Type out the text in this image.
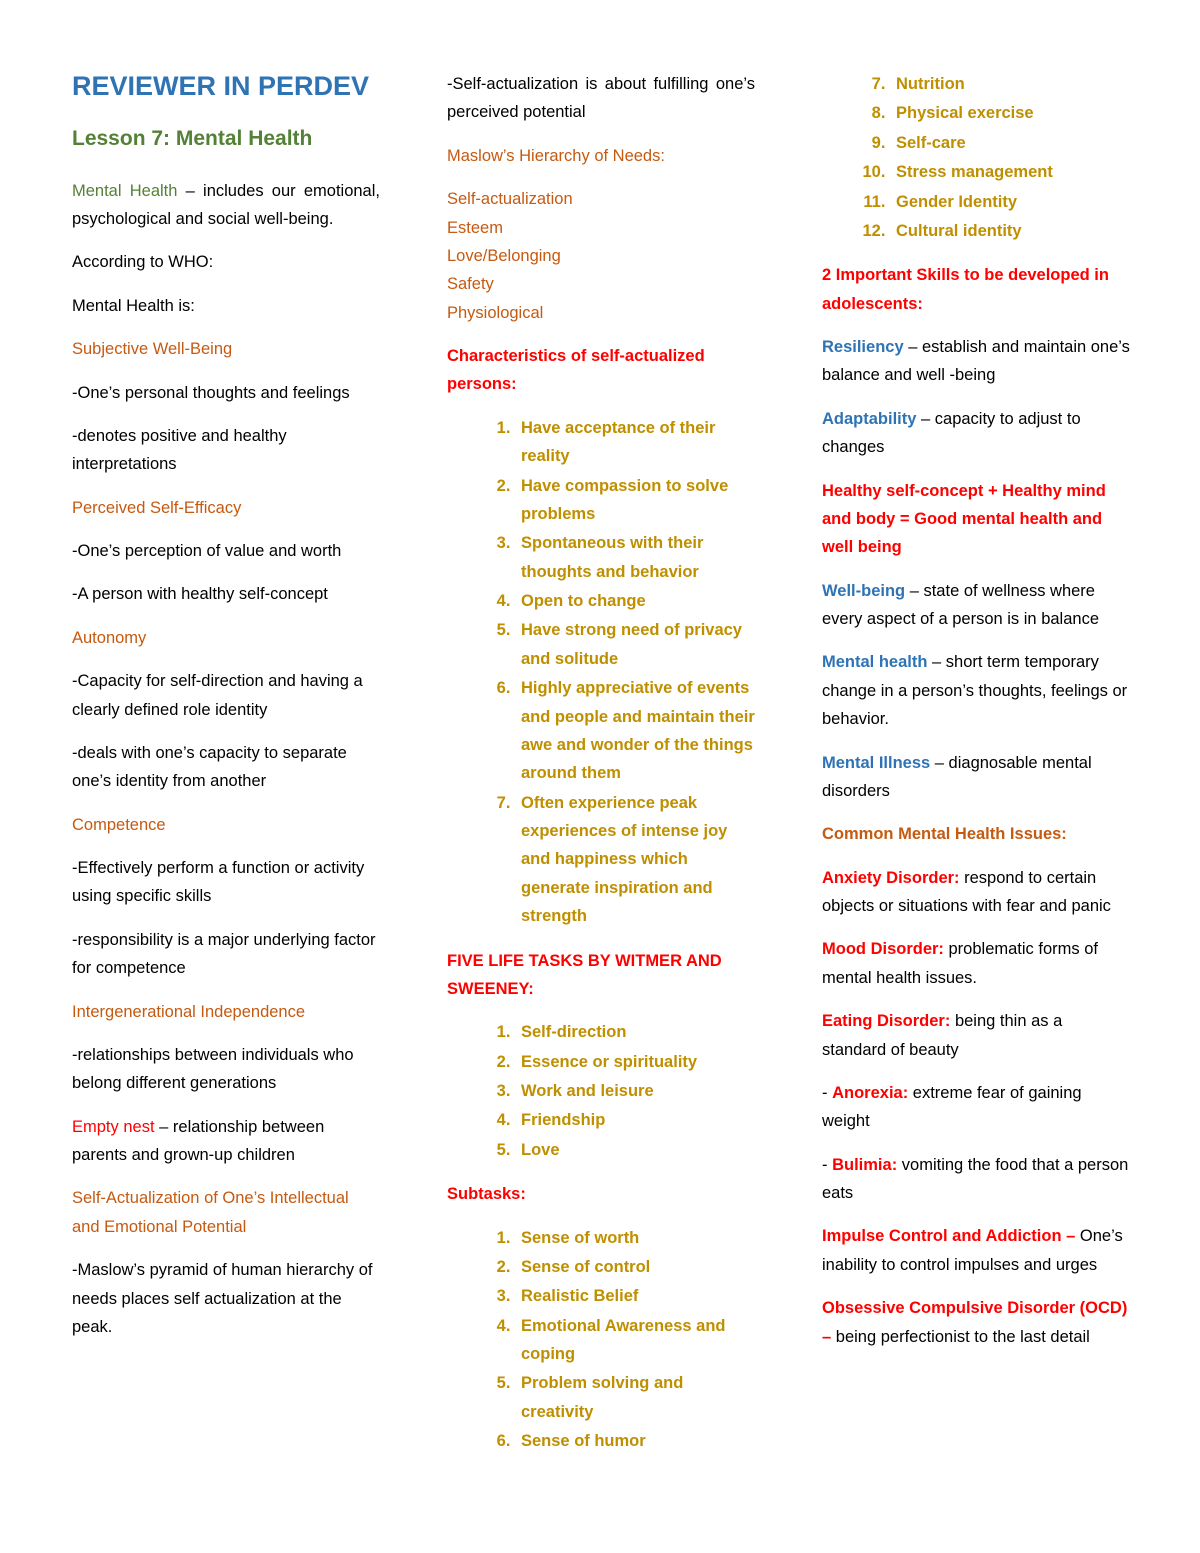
REVIEWER IN PERDEV
Lesson 7: Mental Health

Mental Health – includes our emotional, psychological and social well-being.

According to WHO:

Mental Health is:

Subjective Well-Being

-One’s personal thoughts and feelings

-denotes positive and healthy interpretations

Perceived Self-Efficacy

-One’s perception of value and worth

-A person with healthy self-concept

Autonomy

-Capacity for self-direction and having a clearly defined role identity

-deals with one’s capacity to separate one’s identity from another

Competence

-Effectively perform a function or activity using specific skills

-responsibility is a major underlying factor for competence

Intergenerational Independence

-relationships between individuals who belong different generations

Empty nest – relationship between parents and grown-up children

Self-Actualization of One’s Intellectual and Emotional Potential

-Maslow’s pyramid of human hierarchy of needs places self actualization at the peak.

-Self-actualization is about fulfilling one’s perceived potential

Maslow’s Hierarchy of Needs:

Self-actualization
Esteem
Love/Belonging
Safety
Physiological

Characteristics of self-actualized persons:

1. Have acceptance of their reality
2. Have compassion to solve problems
3. Spontaneous with their thoughts and behavior
4. Open to change
5. Have strong need of privacy and solitude
6. Highly appreciative of events and people and maintain their awe and wonder of the things around them
7. Often experience peak experiences of intense joy and happiness which generate inspiration and strength

FIVE LIFE TASKS BY WITMER AND SWEENEY:

1. Self-direction
2. Essence or spirituality
3. Work and leisure
4. Friendship
5. Love

Subtasks:

1. Sense of worth
2. Sense of control
3. Realistic Belief
4. Emotional Awareness and coping
5. Problem solving and creativity
6. Sense of humor
7. Nutrition
8. Physical exercise
9. Self-care
10. Stress management
11. Gender Identity
12. Cultural identity

2 Important Skills to be developed in adolescents:

Resiliency – establish and maintain one’s balance and well -being

Adaptability – capacity to adjust to changes

Healthy self-concept + Healthy mind and body = Good mental health and well being

Well-being – state of wellness where every aspect of a person is in balance

Mental health – short term temporary change in a person’s thoughts, feelings or behavior.

Mental Illness – diagnosable mental disorders

Common Mental Health Issues:

Anxiety Disorder: respond to certain objects or situations with fear and panic

Mood Disorder: problematic forms of mental health issues.

Eating Disorder: being thin as a standard of beauty

- Anorexia: extreme fear of gaining weight

- Bulimia: vomiting the food that a person eats

Impulse Control and Addiction – One’s inability to control impulses and urges

Obsessive Compulsive Disorder (OCD) – being perfectionist to the last detail
